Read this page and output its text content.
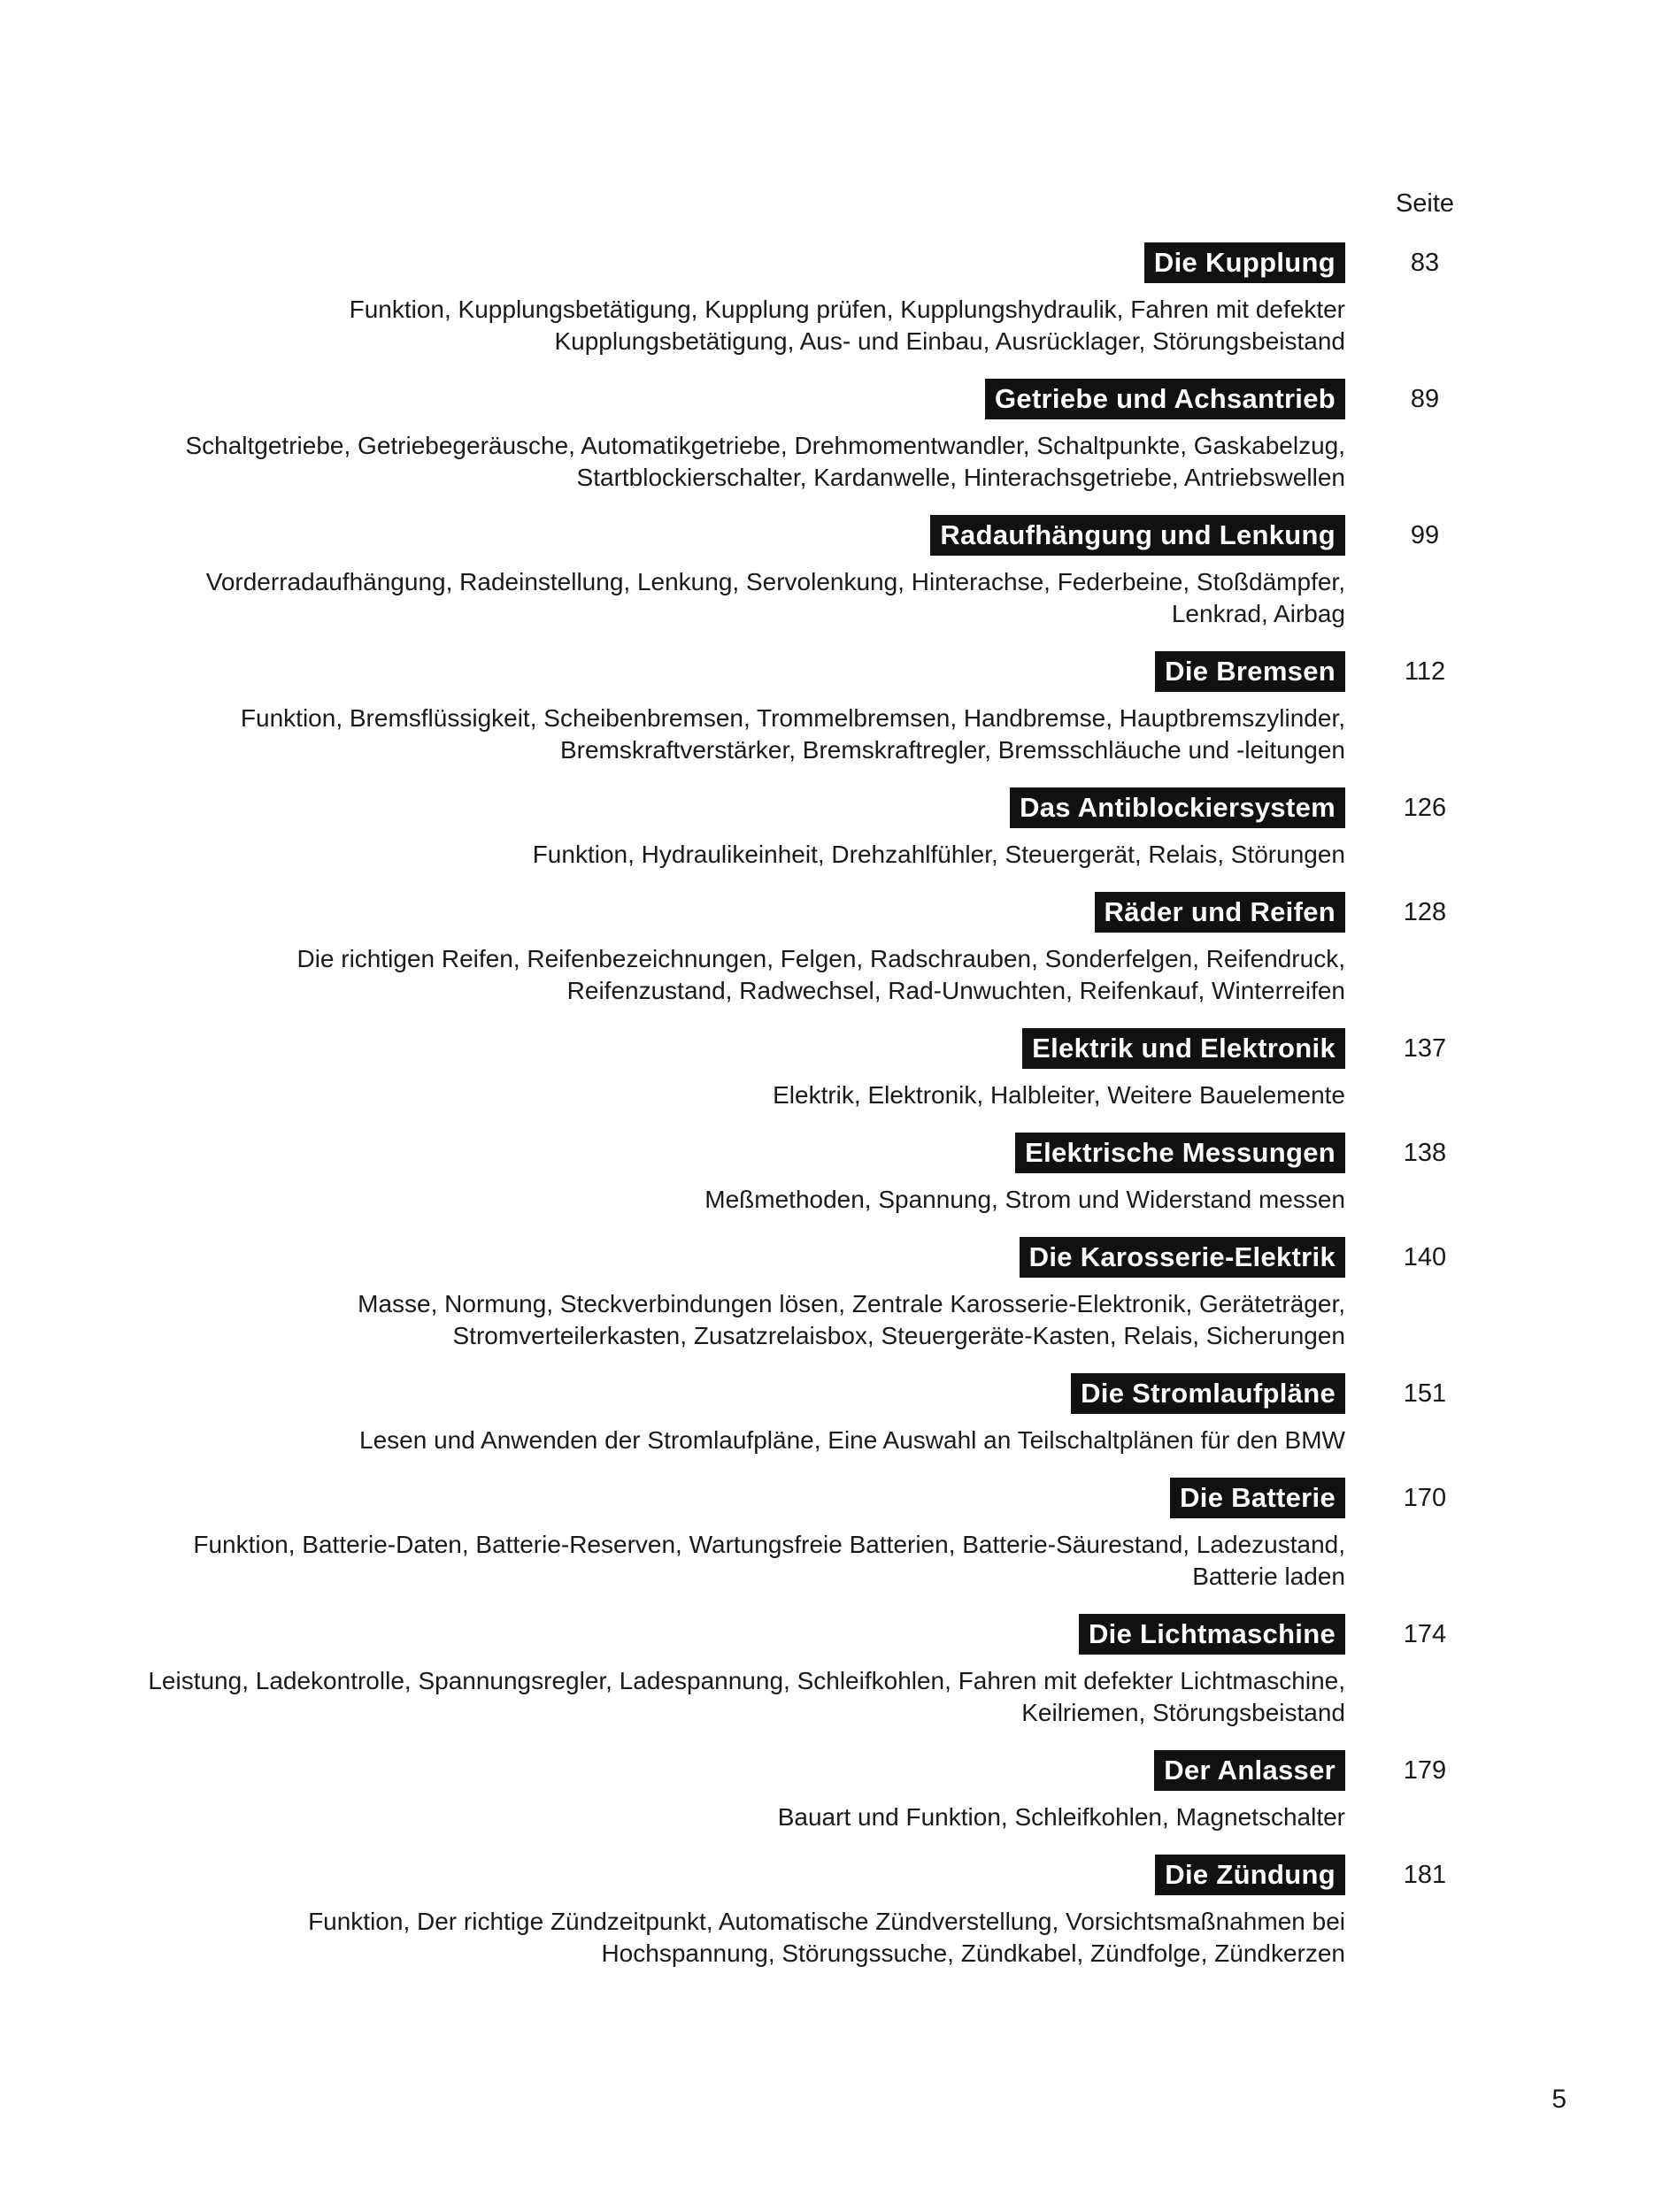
Seite
Die Kupplung	83
Funktion, Kupplungsbetätigung, Kupplung prüfen, Kupplungshydraulik, Fahren mit defekter
Kupplungsbetätigung, Aus- und Einbau, Ausrücklager, Störungsbeistand
Getriebe und Achsantrieb	89
Schaltgetriebe, Getriebegeräusche, Automatikgetriebe, Drehmomentwandler, Schaltpunkte, Gaskabelzug,
Startblockierschalter, Kardanwelle, Hinterachsgetriebe, Antriebswellen
Radaufhängung und Lenkung	99
Vorderradaufhängung, Radeinstellung, Lenkung, Servolenkung, Hinterachse, Federbeine, Stoßdämpfer,
Lenkrad, Airbag
Die Bremsen	112
Funktion, Bremsflüssigkeit, Scheibenbremsen, Trommelbremsen, Handbremse, Hauptbremszylinder,
Bremskraftverstärker, Bremskraftregler, Bremsschläuche und -leitungen
Das Antiblockiersystem	126
Funktion, Hydraulikeinheit, Drehzahlfühler, Steuergerät, Relais, Störungen
Räder und Reifen	128
Die richtigen Reifen, Reifenbezeichnungen, Felgen, Radschrauben, Sonderfelgen, Reifendruck,
Reifenzustand, Radwechsel, Rad-Unwuchten, Reifenkauf, Winterreifen
Elektrik und Elektronik	137
Elektrik, Elektronik, Halbleiter, Weitere Bauelemente
Elektrische Messungen	138
Meßmethoden, Spannung, Strom und Widerstand messen
Die Karosserie-Elektrik	140
Masse, Normung, Steckverbindungen lösen, Zentrale Karosserie-Elektronik, Geräteträger,
Stromverteilerkasten, Zusatzrelaisbox, Steuergeräte-Kasten, Relais, Sicherungen
Die Stromlaufpläne	151
Lesen und Anwenden der Stromlaufpläne, Eine Auswahl an Teilschaltplänen für den BMW
Die Batterie	170
Funktion, Batterie-Daten, Batterie-Reserven, Wartungsfreie Batterien, Batterie-Säurestand, Ladezustand,
Batterie laden
Die Lichtmaschine	174
Leistung, Ladekontrolle, Spannungsregler, Ladespannung, Schleifkohlen, Fahren mit defekter Lichtmaschine,
Keilriemen, Störungsbeistand
Der Anlasser	179
Bauart und Funktion, Schleifkohlen, Magnetschalter
Die Zündung	181
Funktion, Der richtige Zündzeitpunkt, Automatische Zündverstellung, Vorsichtsmaßnahmen bei
Hochspannung, Störungssuche, Zündkabel, Zündfolge, Zündkerzen
5
